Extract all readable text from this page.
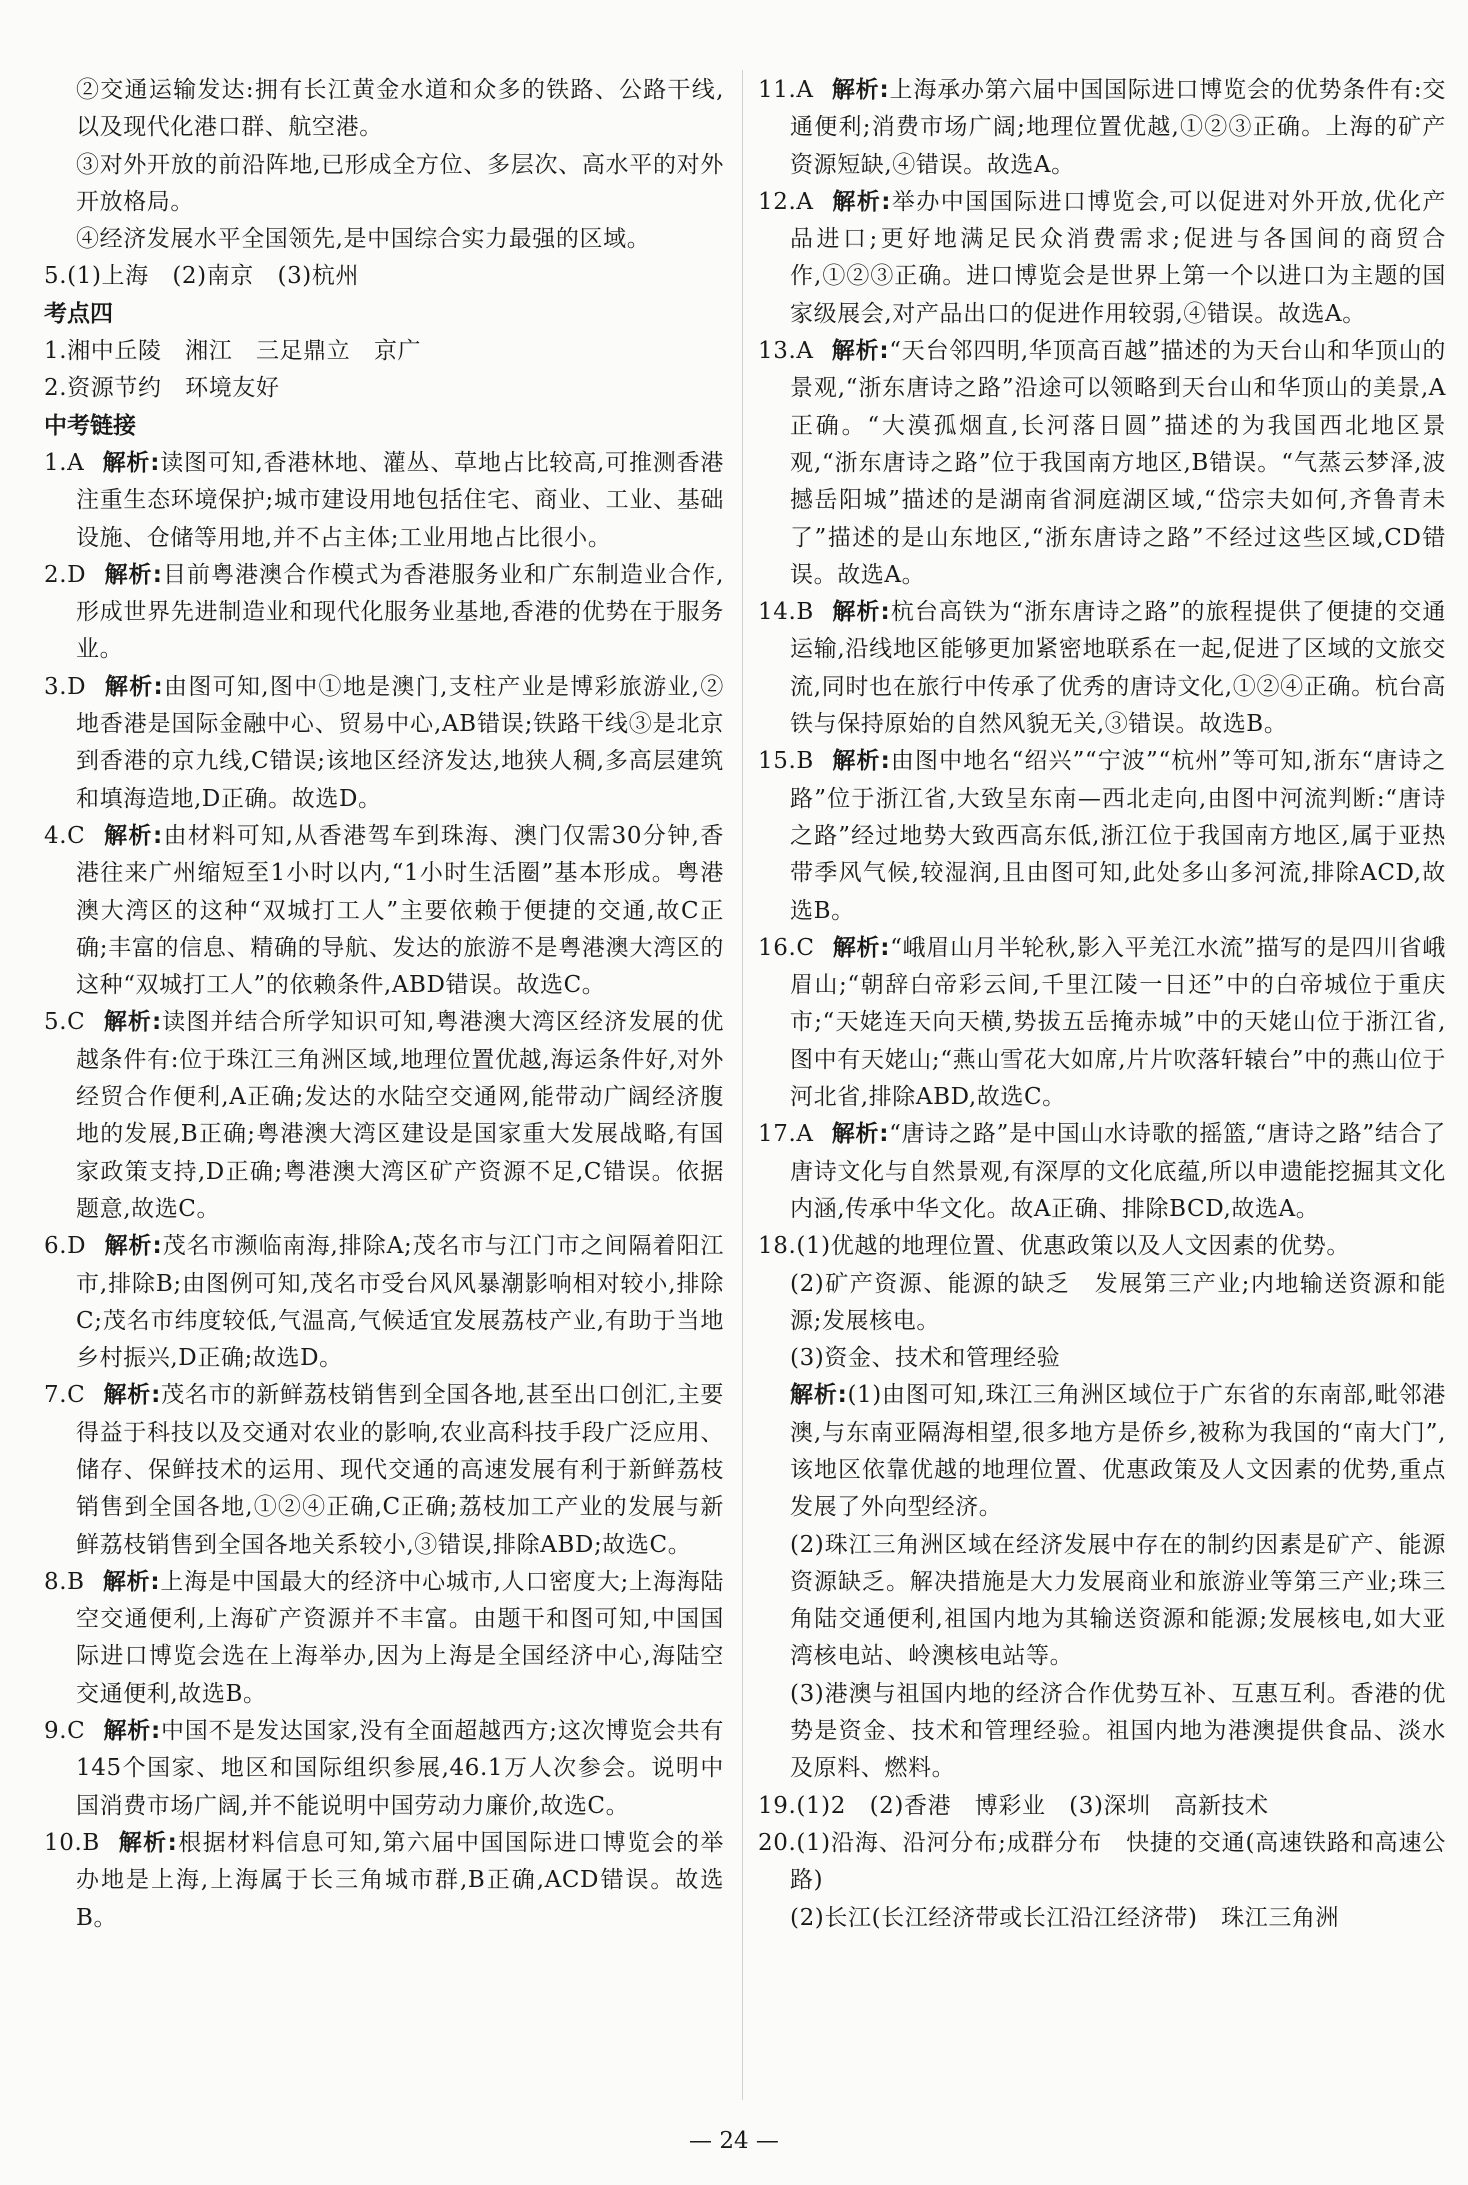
②交通运输发达:拥有长江黄金水道和众多的铁路、公路干线,以及现代化港口群、航空港。

③对外开放的前沿阵地,已形成全方位、多层次、高水平的对外开放格局。

④经济发展水平全国领先,是中国综合实力最强的区域。

5.(1)上海　(2)南京　(3)杭州

考点四

1.湘中丘陵　湘江　三足鼎立　京广

2.资源节约　环境友好

中考链接

1.A 解析:读图可知,香港林地、灌丛、草地占比较高,可推测香港注重生态环境保护;城市建设用地包括住宅、商业、工业、基础设施、仓储等用地,并不占主体;工业用地占比很小。

2.D 解析:目前粤港澳合作模式为香港服务业和广东制造业合作,形成世界先进制造业和现代化服务业基地,香港的优势在于服务业。

3.D 解析:由图可知,图中①地是澳门,支柱产业是博彩旅游业,②地香港是国际金融中心、贸易中心,AB错误;铁路干线③是北京到香港的京九线,C错误;该地区经济发达,地狭人稠,多高层建筑和填海造地,D正确。故选D。

4.C 解析:由材料可知,从香港驾车到珠海、澳门仅需30分钟,香港往来广州缩短至1小时以内,“1小时生活圈”基本形成。粤港澳大湾区的这种“双城打工人”主要依赖于便捷的交通,故C正确;丰富的信息、精确的导航、发达的旅游不是粤港澳大湾区的这种“双城打工人”的依赖条件,ABD错误。故选C。

5.C 解析:读图并结合所学知识可知,粤港澳大湾区经济发展的优越条件有:位于珠江三角洲区域,地理位置优越,海运条件好,对外经贸合作便利,A正确;发达的水陆空交通网,能带动广阔经济腹地的发展,B正确;粤港澳大湾区建设是国家重大发展战略,有国家政策支持,D正确;粤港澳大湾区矿产资源不足,C错误。依据题意,故选C。

6.D 解析:茂名市濒临南海,排除A;茂名市与江门市之间隔着阳江市,排除B;由图例可知,茂名市受台风风暴潮影响相对较小,排除C;茂名市纬度较低,气温高,气候适宜发展荔枝产业,有助于当地乡村振兴,D正确;故选D。

7.C 解析:茂名市的新鲜荔枝销售到全国各地,甚至出口创汇,主要得益于科技以及交通对农业的影响,农业高科技手段广泛应用、储存、保鲜技术的运用、现代交通的高速发展有利于新鲜荔枝销售到全国各地,①②④正确,C正确;荔枝加工产业的发展与新鲜荔枝销售到全国各地关系较小,③错误,排除ABD;故选C。

8.B 解析:上海是中国最大的经济中心城市,人口密度大;上海海陆空交通便利,上海矿产资源并不丰富。由题干和图可知,中国国际进口博览会选在上海举办,因为上海是全国经济中心,海陆空交通便利,故选B。

9.C 解析:中国不是发达国家,没有全面超越西方;这次博览会共有145个国家、地区和国际组织参展,46.1万人次参会。说明中国消费市场广阔,并不能说明中国劳动力廉价,故选C。

10.B 解析:根据材料信息可知,第六届中国国际进口博览会的举办地是上海,上海属于长三角城市群,B正确,ACD错误。故选B。

11.A 解析:上海承办第六届中国国际进口博览会的优势条件有:交通便利;消费市场广阔;地理位置优越,①②③正确。上海的矿产资源短缺,④错误。故选A。

12.A 解析:举办中国国际进口博览会,可以促进对外开放,优化产品进口;更好地满足民众消费需求;促进与各国间的商贸合作,①②③正确。进口博览会是世界上第一个以进口为主题的国家级展会,对产品出口的促进作用较弱,④错误。故选A。

13.A 解析:“天台邻四明,华顶高百越”描述的为天台山和华顶山的景观,“浙东唐诗之路”沿途可以领略到天台山和华顶山的美景,A正确。“大漠孤烟直,长河落日圆”描述的为我国西北地区景观,“浙东唐诗之路”位于我国南方地区,B错误。“气蒸云梦泽,波撼岳阳城”描述的是湖南省洞庭湖区域,“岱宗夫如何,齐鲁青未了”描述的是山东地区,“浙东唐诗之路”不经过这些区域,CD错误。故选A。

14.B 解析:杭台高铁为“浙东唐诗之路”的旅程提供了便捷的交通运输,沿线地区能够更加紧密地联系在一起,促进了区域的文旅交流,同时也在旅行中传承了优秀的唐诗文化,①②④正确。杭台高铁与保持原始的自然风貌无关,③错误。故选B。

15.B 解析:由图中地名“绍兴”“宁波”“杭州”等可知,浙东“唐诗之路”位于浙江省,大致呈东南—西北走向,由图中河流判断:“唐诗之路”经过地势大致西高东低,浙江位于我国南方地区,属于亚热带季风气候,较湿润,且由图可知,此处多山多河流,排除ACD,故选B。

16.C 解析:“峨眉山月半轮秋,影入平羌江水流”描写的是四川省峨眉山;“朝辞白帝彩云间,千里江陵一日还”中的白帝城位于重庆市;“天姥连天向天横,势拔五岳掩赤城”中的天姥山位于浙江省,图中有天姥山;“燕山雪花大如席,片片吹落轩辕台”中的燕山位于河北省,排除ABD,故选C。

17.A 解析:“唐诗之路”是中国山水诗歌的摇篮,“唐诗之路”结合了唐诗文化与自然景观,有深厚的文化底蕴,所以申遗能挖掘其文化内涵,传承中华文化。故A正确、排除BCD,故选A。

18.(1)优越的地理位置、优惠政策以及人文因素的优势。

(2)矿产资源、能源的缺乏　发展第三产业;内地输送资源和能源;发展核电。

(3)资金、技术和管理经验

解析:(1)由图可知,珠江三角洲区域位于广东省的东南部,毗邻港澳,与东南亚隔海相望,很多地方是侨乡,被称为我国的“南大门”,该地区依靠优越的地理位置、优惠政策及人文因素的优势,重点发展了外向型经济。

(2)珠江三角洲区域在经济发展中存在的制约因素是矿产、能源资源缺乏。解决措施是大力发展商业和旅游业等第三产业;珠三角陆交通便利,祖国内地为其输送资源和能源;发展核电,如大亚湾核电站、岭澳核电站等。

(3)港澳与祖国内地的经济合作优势互补、互惠互利。香港的优势是资金、技术和管理经验。祖国内地为港澳提供食品、淡水及原料、燃料。

19.(1)2　(2)香港　博彩业　(3)深圳　高新技术

20.(1)沿海、沿河分布;成群分布　快捷的交通(高速铁路和高速公路)

(2)长江(长江经济带或长江沿江经济带)　珠江三角洲

— 24 —
